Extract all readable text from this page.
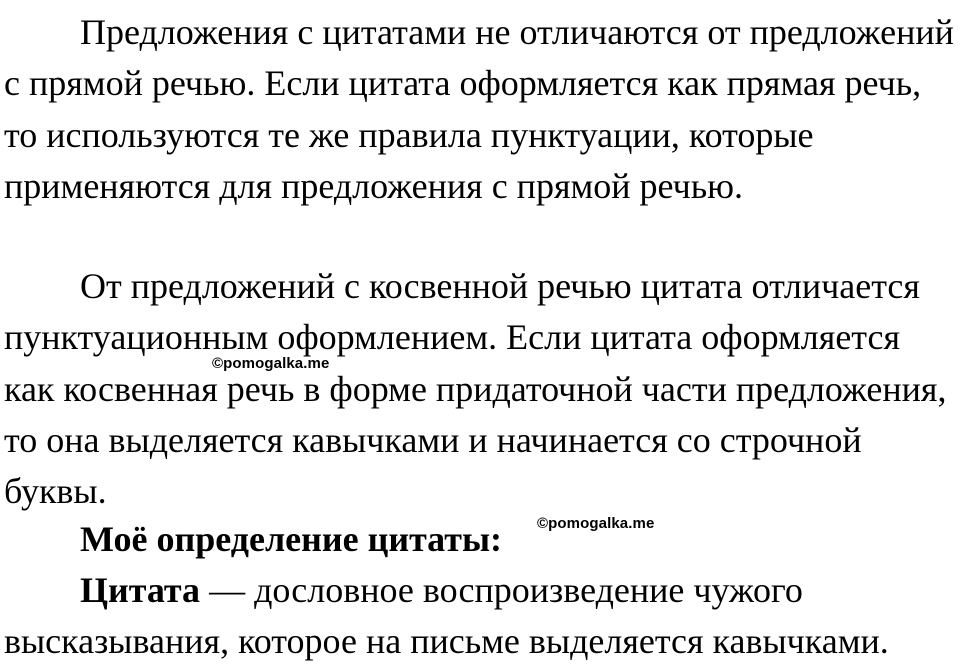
Предложения с цитатами не отличаются от предложений с прямой речью. Если цитата оформляется как прямая речь, то используются те же правила пунктуации, которые применяются для предложения с прямой речью.

От предложений с косвенной речью цитата отличается пунктуационным оформлением. Если цитата оформляется как косвенная речь в форме придаточной части предложения, то она выделяется кавычками и начинается со строчной буквы.

Моё определение цитаты:

Цитата — дословное воспроизведение чужого высказывания, которое на письме выделяется кавычками.

©pomogalka.me
©pomogalka.me
